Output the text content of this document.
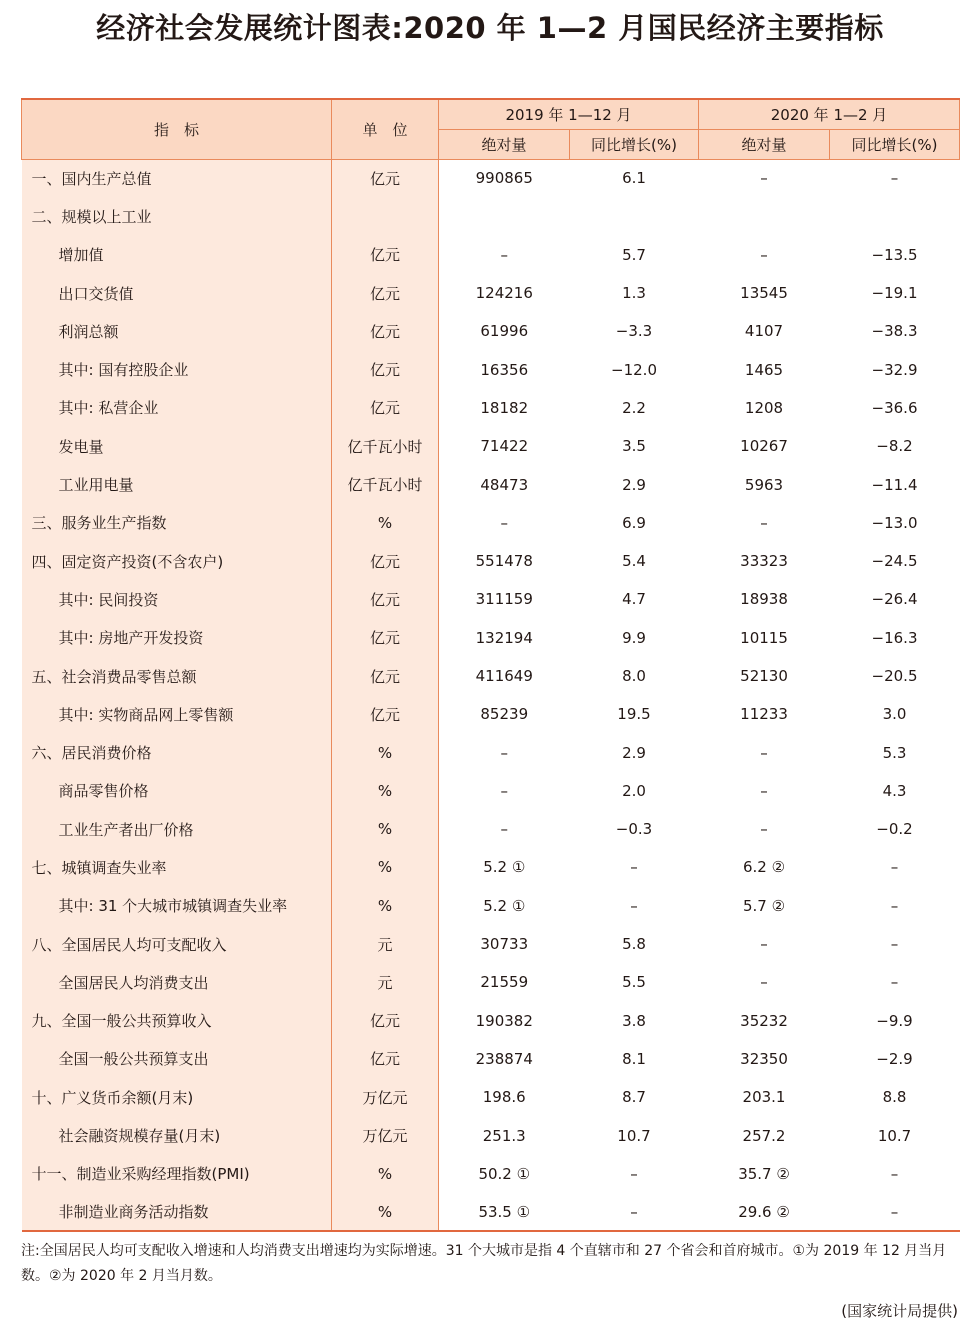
经济社会发展统计图表:2020 年 1—2 月国民经济主要指标
指　标	单　位	2019 年 1—12 月		2020 年 1—2 月	
		绝对量	同比增长(%)	绝对量	同比增长(%)
一、国内生产总值	亿元	990865	6.1	–	–
二、规模以上工业					
增加值	亿元	–	5.7	–	−13.5
出口交货值	亿元	124216	1.3	13545	−19.1
利润总额	亿元	61996	−3.3	4107	−38.3
其中: 国有控股企业	亿元	16356	−12.0	1465	−32.9
其中: 私营企业	亿元	18182	2.2	1208	−36.6
发电量	亿千瓦小时	71422	3.5	10267	−8.2
工业用电量	亿千瓦小时	48473	2.9	5963	−11.4
三、服务业生产指数	%	–	6.9	–	−13.0
四、固定资产投资(不含农户)	亿元	551478	5.4	33323	−24.5
其中: 民间投资	亿元	311159	4.7	18938	−26.4
其中: 房地产开发投资	亿元	132194	9.9	10115	−16.3
五、社会消费品零售总额	亿元	411649	8.0	52130	−20.5
其中: 实物商品网上零售额	亿元	85239	19.5	11233	3.0
六、居民消费价格	%	–	2.9	–	5.3
商品零售价格	%	–	2.0	–	4.3
工业生产者出厂价格	%	–	−0.3	–	−0.2
七、城镇调查失业率	%	5.2 ①	–	6.2 ②	–
其中: 31 个大城市城镇调查失业率	%	5.2 ①	–	5.7 ②	–
八、全国居民人均可支配收入	元	30733	5.8	–	–
全国居民人均消费支出	元	21559	5.5	–	–
九、全国一般公共预算收入	亿元	190382	3.8	35232	−9.9
全国一般公共预算支出	亿元	238874	8.1	32350	−2.9
十、广义货币余额(月末)	万亿元	198.6	8.7	203.1	8.8
社会融资规模存量(月末)	万亿元	251.3	10.7	257.2	10.7
十一、制造业采购经理指数(PMI)	%	50.2 ①	–	35.7 ②	–
非制造业商务活动指数	%	53.5 ①	–	29.6 ②	–
注:全国居民人均可支配收入增速和人均消费支出增速均为实际增速。31 个大城市是指 4 个直辖市和 27 个省会和首府城市。①为 2019 年 12 月当月数。②为 2020 年 2 月当月数。
(国家统计局提供)
